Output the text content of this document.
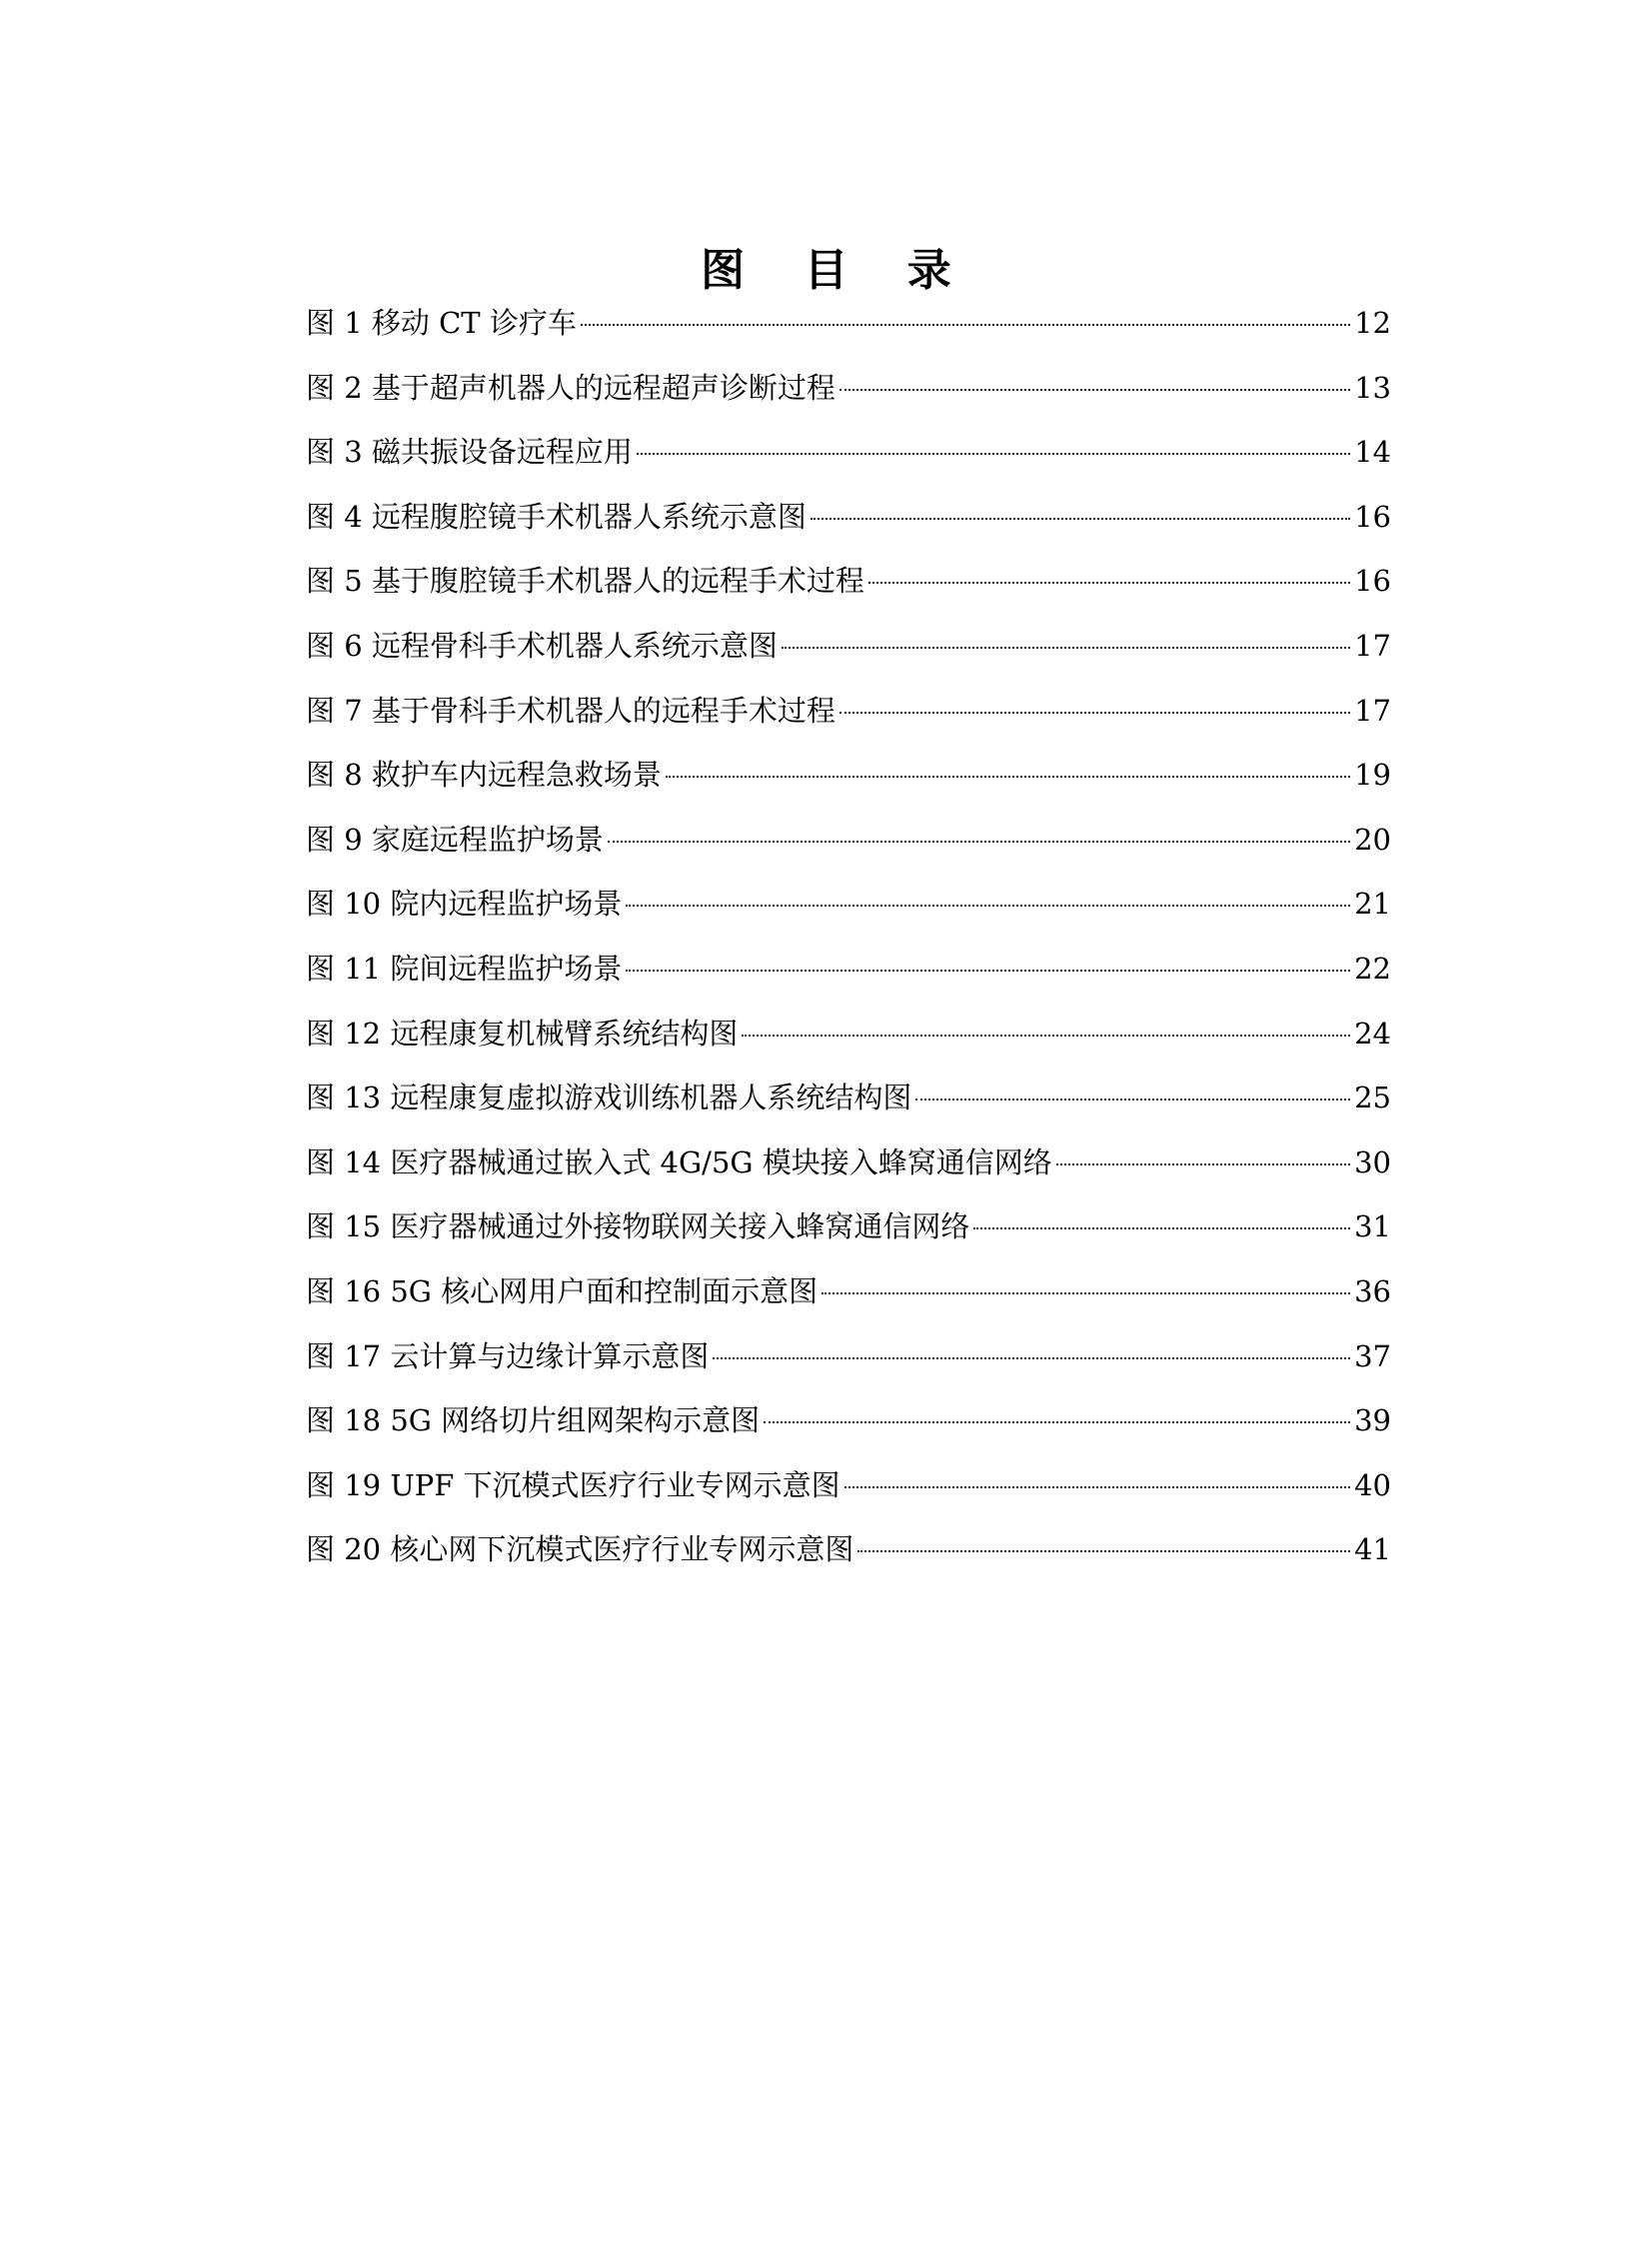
图 目 录
图 1 移动 CT 诊疗车	12
图 2 基于超声机器人的远程超声诊断过程	13
图 3 磁共振设备远程应用	14
图 4 远程腹腔镜手术机器人系统示意图	16
图 5 基于腹腔镜手术机器人的远程手术过程	16
图 6 远程骨科手术机器人系统示意图	17
图 7 基于骨科手术机器人的远程手术过程	17
图 8 救护车内远程急救场景	19
图 9 家庭远程监护场景	20
图 10 院内远程监护场景	21
图 11 院间远程监护场景	22
图 12 远程康复机械臂系统结构图	24
图 13 远程康复虚拟游戏训练机器人系统结构图	25
图 14 医疗器械通过嵌入式 4G/5G 模块接入蜂窝通信网络	30
图 15 医疗器械通过外接物联网关接入蜂窝通信网络	31
图 16 5G 核心网用户面和控制面示意图	36
图 17 云计算与边缘计算示意图	37
图 18 5G 网络切片组网架构示意图	39
图 19 UPF 下沉模式医疗行业专网示意图	40
图 20 核心网下沉模式医疗行业专网示意图	41
